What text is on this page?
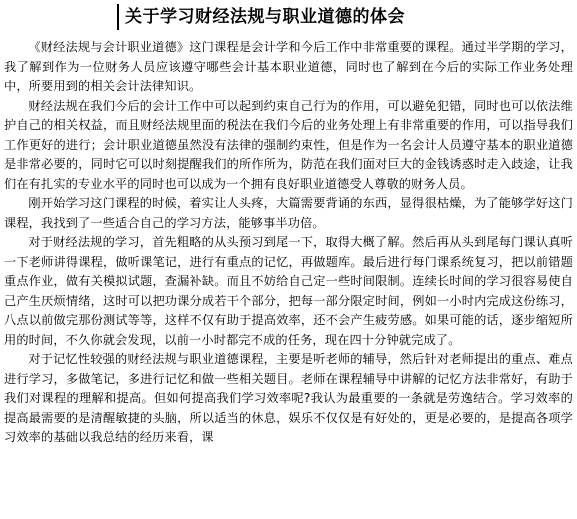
关于学习财经法规与职业道德的体会

《财经法规与会计职业道德》这门课程是会计学和今后工作中非常重要的课程。通过半学期的学习，我了解到作为一位财务人员应该遵守哪些会计基本职业道德，同时也了解到在今后的实际工作业务处理中，所要用到的相关会计法律知识。

财经法规在我们今后的会计工作中可以起到约束自己行为的作用，可以避免犯错，同时也可以依法维护自己的相关权益，而且财经法规里面的税法在我们今后的业务处理上有非常重要的作用，可以指导我们工作更好的进行；会计职业道德虽然没有法律的强制约束性，但是作为一名会计人员遵守基本的职业道德是非常必要的，同时它可以时刻提醒我们的所作所为，防范在我们面对巨大的金钱诱惑时走入歧途，让我们在有扎实的专业水平的同时也可以成为一个拥有良好职业道德受人尊敬的财务人员。

刚开始学习这门课程的时候，着实让人头疼，大篇需要背诵的东西，显得很枯燥，为了能够学好这门课程，我找到了一些适合自己的学习方法，能够事半功倍。

对于财经法规的学习，首先粗略的从头预习到尾一下，取得大概了解。然后再从头到尾每门课认真听一下老师讲得课程，做听课笔记，进行有重点的记忆，再做题库。最后进行每门课系统复习，把以前错题重点作业，做有关模拟试题，查漏补缺。而且不妨给自己定一些时间限制。连续长时间的学习很容易使自己产生厌烦情绪，这时可以把功课分成若干个部分，把每一部分限定时间，例如一小时内完成这份练习，八点以前做完那份测试等等，这样不仅有助于提高效率，还不会产生疲劳感。如果可能的话，逐步缩短所用的时间，不久你就会发现，以前一小时都完不成的任务，现在四十分钟就完成了。

对于记忆性较强的财经法规与职业道德课程，主要是听老师的辅导，然后针对老师提出的重点、难点进行学习，多做笔记，多进行记忆和做一些相关题目。老师在课程辅导中讲解的记忆方法非常好，有助于我们对课程的理解和提高。但如何提高我们学习效率呢?我认为最重要的一条就是劳逸结合。学习效率的提高最需要的是清醒敏捷的头脑，所以适当的休息，娱乐不仅仅是有好处的，更是必要的，是提高各项学习效率的基础以我总结的经历来看，课
